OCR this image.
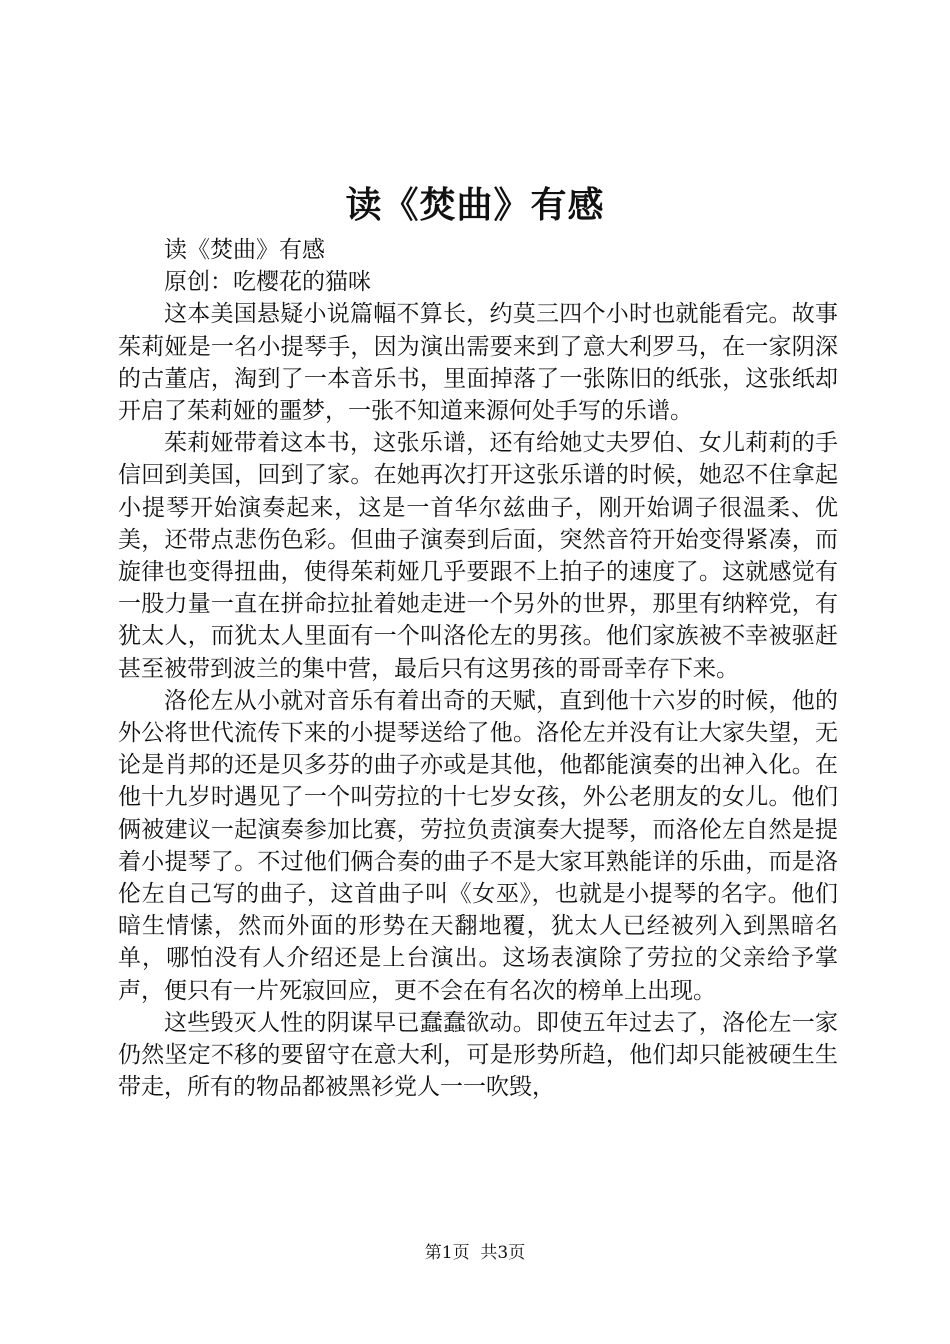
读《焚曲》有感

读《焚曲》有感

原创：吃樱花的猫咪

这本美国悬疑小说篇幅不算长，约莫三四个小时也就能看完。故事茱莉娅是一名小提琴手，因为演出需要来到了意大利罗马，在一家阴深的古董店，淘到了一本音乐书，里面掉落了一张陈旧的纸张，这张纸却开启了茱莉娅的噩梦，一张不知道来源何处手写的乐谱。

茱莉娅带着这本书，这张乐谱，还有给她丈夫罗伯、女儿莉莉的手信回到美国，回到了家。在她再次打开这张乐谱的时候，她忍不住拿起小提琴开始演奏起来，这是一首华尔兹曲子，刚开始调子很温柔、优美，还带点悲伤色彩。但曲子演奏到后面，突然音符开始变得紧凑，而旋律也变得扭曲，使得茱莉娅几乎要跟不上拍子的速度了。这就感觉有一股力量一直在拼命拉扯着她走进一个另外的世界，那里有纳粹党，有犹太人，而犹太人里面有一个叫洛伦左的男孩。他们家族被不幸被驱赶甚至被带到波兰的集中营，最后只有这男孩的哥哥幸存下来。

洛伦左从小就对音乐有着出奇的天赋，直到他十六岁的时候，他的外公将世代流传下来的小提琴送给了他。洛伦左并没有让大家失望，无论是肖邦的还是贝多芬的曲子亦或是其他，他都能演奏的出神入化。在他十九岁时遇见了一个叫劳拉的十七岁女孩，外公老朋友的女儿。他们俩被建议一起演奏参加比赛，劳拉负责演奏大提琴，而洛伦左自然是提着小提琴了。不过他们俩合奏的曲子不是大家耳熟能详的乐曲，而是洛伦左自己写的曲子，这首曲子叫《女巫》，也就是小提琴的名字。他们暗生情愫，然而外面的形势在天翻地覆，犹太人已经被列入到黑暗名单，哪怕没有人介绍还是上台演出。这场表演除了劳拉的父亲给予掌声，便只有一片死寂回应，更不会在有名次的榜单上出现。

这些毁灭人性的阴谋早已蠢蠢欲动。即使五年过去了，洛伦左一家仍然坚定不移的要留守在意大利，可是形势所趋，他们却只能被硬生生带走，所有的物品都被黑衫党人一一吹毁，

第1页 共3页
